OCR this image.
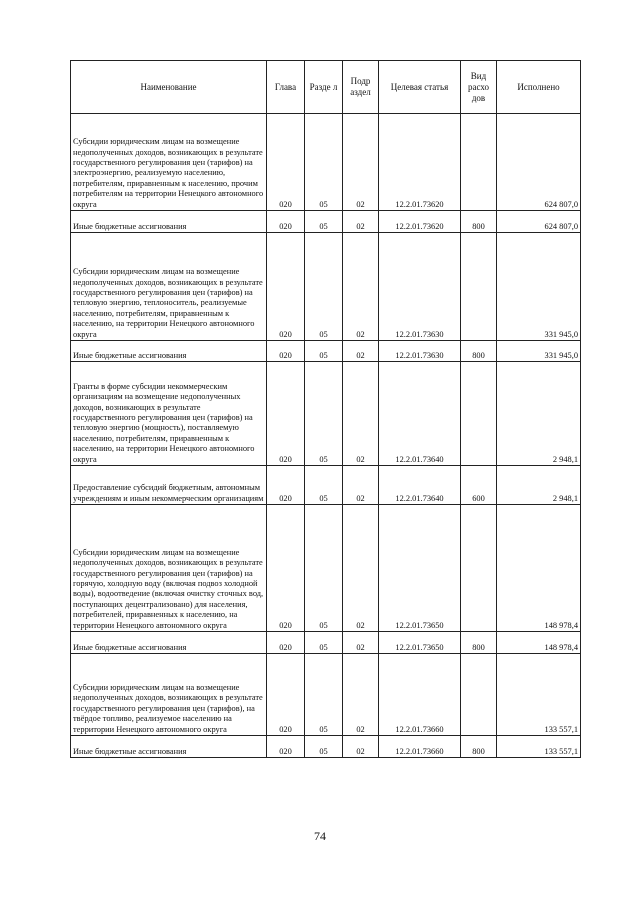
Наименование	Глава	Разде л	Подр аздел	Целевая статья	Вид расхо дов	Исполнено
Субсидии юридическим лицам на возмещение недополученных доходов, возникающих в результате государственного регулирования цен (тарифов) на электроэнергию, реализуемую населению, потребителям, приравненным к населению, прочим потребителям на территории Ненецкого автономного округа	020	05	02	12.2.01.73620		624 807,0
Иные бюджетные ассигнования	020	05	02	12.2.01.73620	800	624 807,0
Субсидии юридическим лицам на возмещение недополученных доходов, возникающих в результате государственного регулирования цен (тарифов) на тепловую энергию, теплоноситель, реализуемые населению, потребителям, приравненным к населению, на территории Ненецкого автономного округа	020	05	02	12.2.01.73630		331 945,0
Иные бюджетные ассигнования	020	05	02	12.2.01.73630	800	331 945,0
Гранты в форме субсидии некоммерческим организациям на возмещение недополученных доходов, возникающих в результате государственного регулирования цен (тарифов) на тепловую энергию (мощность), поставляемую населению, потребителям, приравненным к населению, на территории Ненецкого автономного округа	020	05	02	12.2.01.73640		2 948,1
Предоставление субсидий бюджетным, автономным учреждениям и иным некоммерческим организациям	020	05	02	12.2.01.73640	600	2 948,1
Субсидии юридическим лицам на возмещение недополученных доходов, возникающих в результате государственного регулирования цен (тарифов) на горячую, холодную воду (включая подвоз холодной воды), водоотведение (включая очистку сточных вод, поступающих децентрализовано) для населения, потребителей, приравненных к населению, на территории Ненецкого автономного округа	020	05	02	12.2.01.73650		148 978,4
Иные бюджетные ассигнования	020	05	02	12.2.01.73650	800	148 978,4
Субсидии юридическим лицам на возмещение недополученных доходов, возникающих в результате государственного регулирования цен (тарифов), на твёрдое топливо, реализуемое населению на территории Ненецкого автономного округа	020	05	02	12.2.01.73660		133 557,1
Иные бюджетные ассигнования	020	05	02	12.2.01.73660	800	133 557,1
74
